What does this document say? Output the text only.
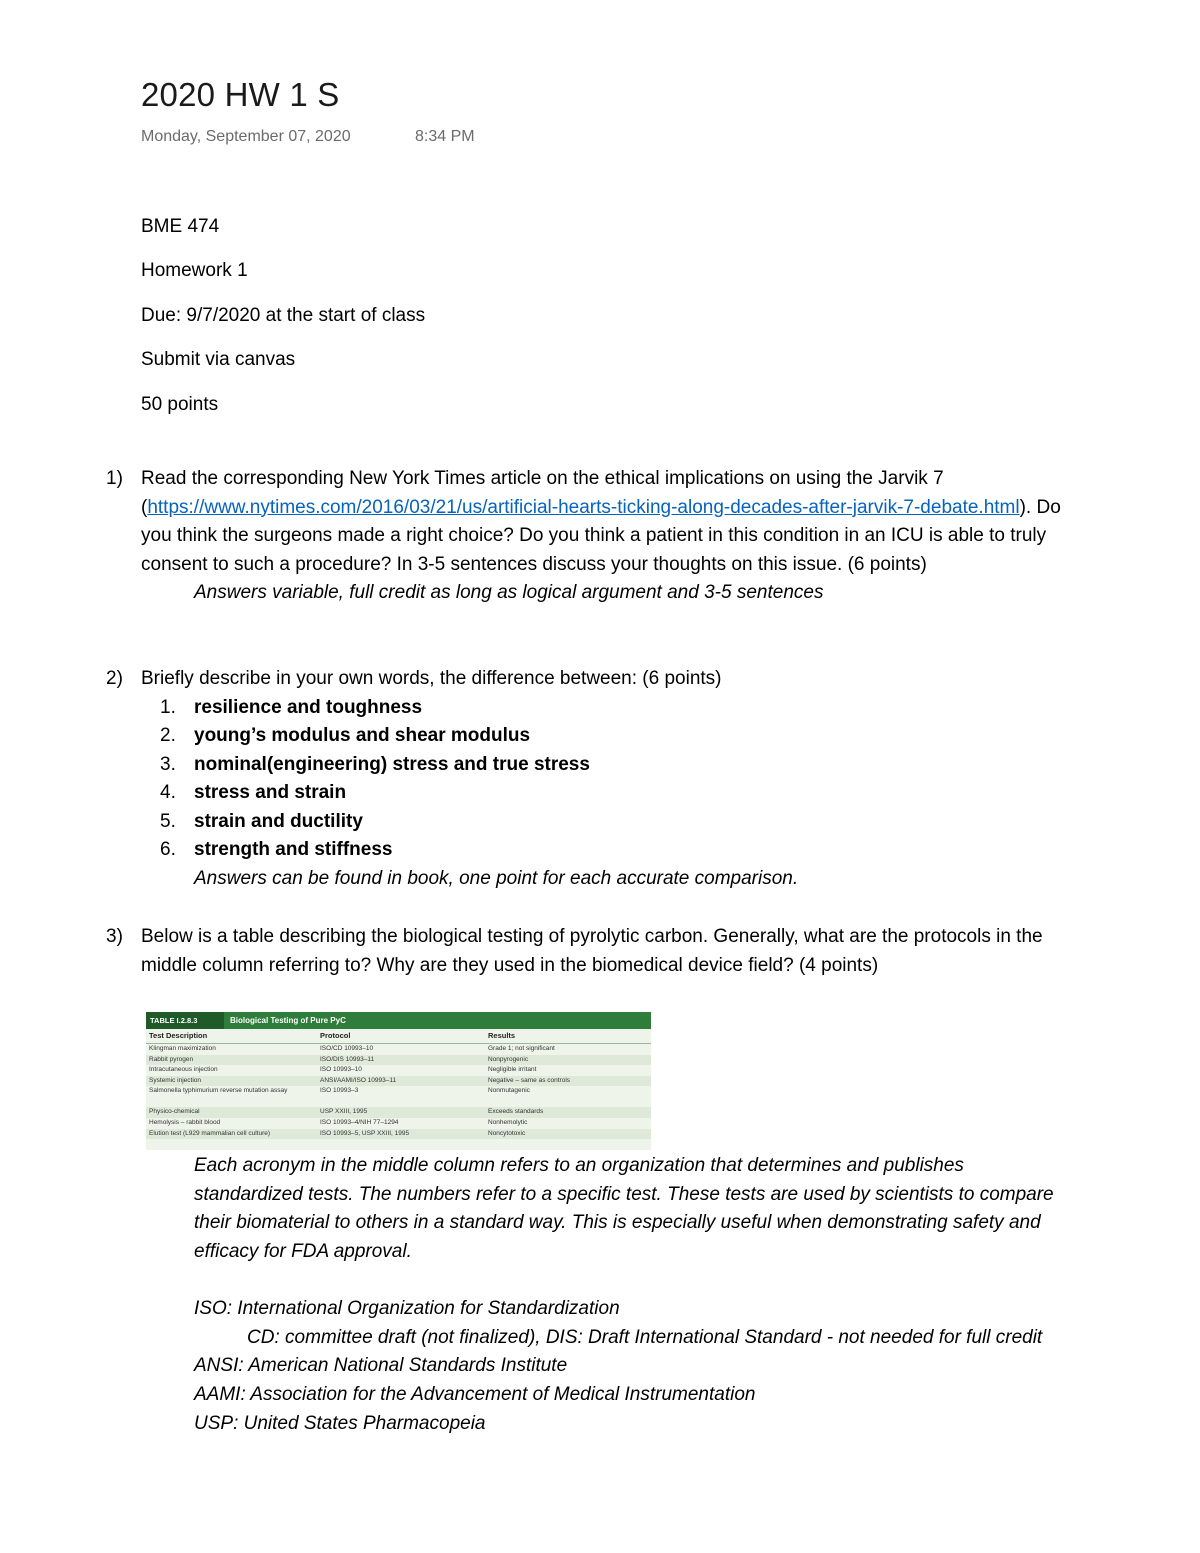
2020 HW 1 S
Monday, September 07, 2020	8:34 PM
BME 474
Homework 1
Due: 9/7/2020 at the start of class
Submit via canvas
50 points
1) Read the corresponding New York Times article on the ethical implications on using the Jarvik 7 (https://www.nytimes.com/2016/03/21/us/artificial-hearts-ticking-along-decades-after-jarvik-7-debate.html). Do you think the surgeons made a right choice? Do you think a patient in this condition in an ICU is able to truly consent to such a procedure? In 3-5 sentences discuss your thoughts on this issue. (6 points)
Answers variable, full credit as long as logical argument and 3-5 sentences
2) Briefly describe in your own words, the difference between: (6 points)
1. resilience and toughness
2. young’s modulus and shear modulus
3. nominal(engineering) stress and true stress
4. stress and strain
5. strain and ductility
6. strength and stiffness
Answers can be found in book, one point for each accurate comparison.
3) Below is a table describing the biological testing of pyrolytic carbon. Generally, what are the protocols in the middle column referring to? Why are they used in the biomedical device field? (4 points)
TABLE I.2.8.3	Biological Testing of Pure PyC
Test Description	Protocol	Results
Klingman maximization	ISO/CD 10993–10	Grade 1; not significant
Rabbit pyrogen	ISO/DIS 10993–11	Nonpyrogenic
Intracutaneous injection	ISO 10993–10	Negligible irritant
Systemic injection	ANSI/AAMI/ISO 10993–11	Negative – same as controls
Salmonella typhimurium reverse mutation assay	ISO 10993–3	Nonmutagenic
Physico-chemical	USP XXIII, 1995	Exceeds standards
Hemolysis – rabbit blood	ISO 10993–4/NIH 77–1294	Nonhemolytic
Elution test (L929 mammalian cell culture)	ISO 10993–5, USP XXIII, 1995	Noncytotoxic
Each acronym in the middle column refers to an organization that determines and publishes standardized tests. The numbers refer to a specific test. These tests are used by scientists to compare their biomaterial to others in a standard way. This is especially useful when demonstrating safety and efficacy for FDA approval.
ISO: International Organization for Standardization
CD: committee draft (not finalized), DIS: Draft International Standard - not needed for full credit
ANSI: American National Standards Institute
AAMI: Association for the Advancement of Medical Instrumentation
USP: United States Pharmacopeia
